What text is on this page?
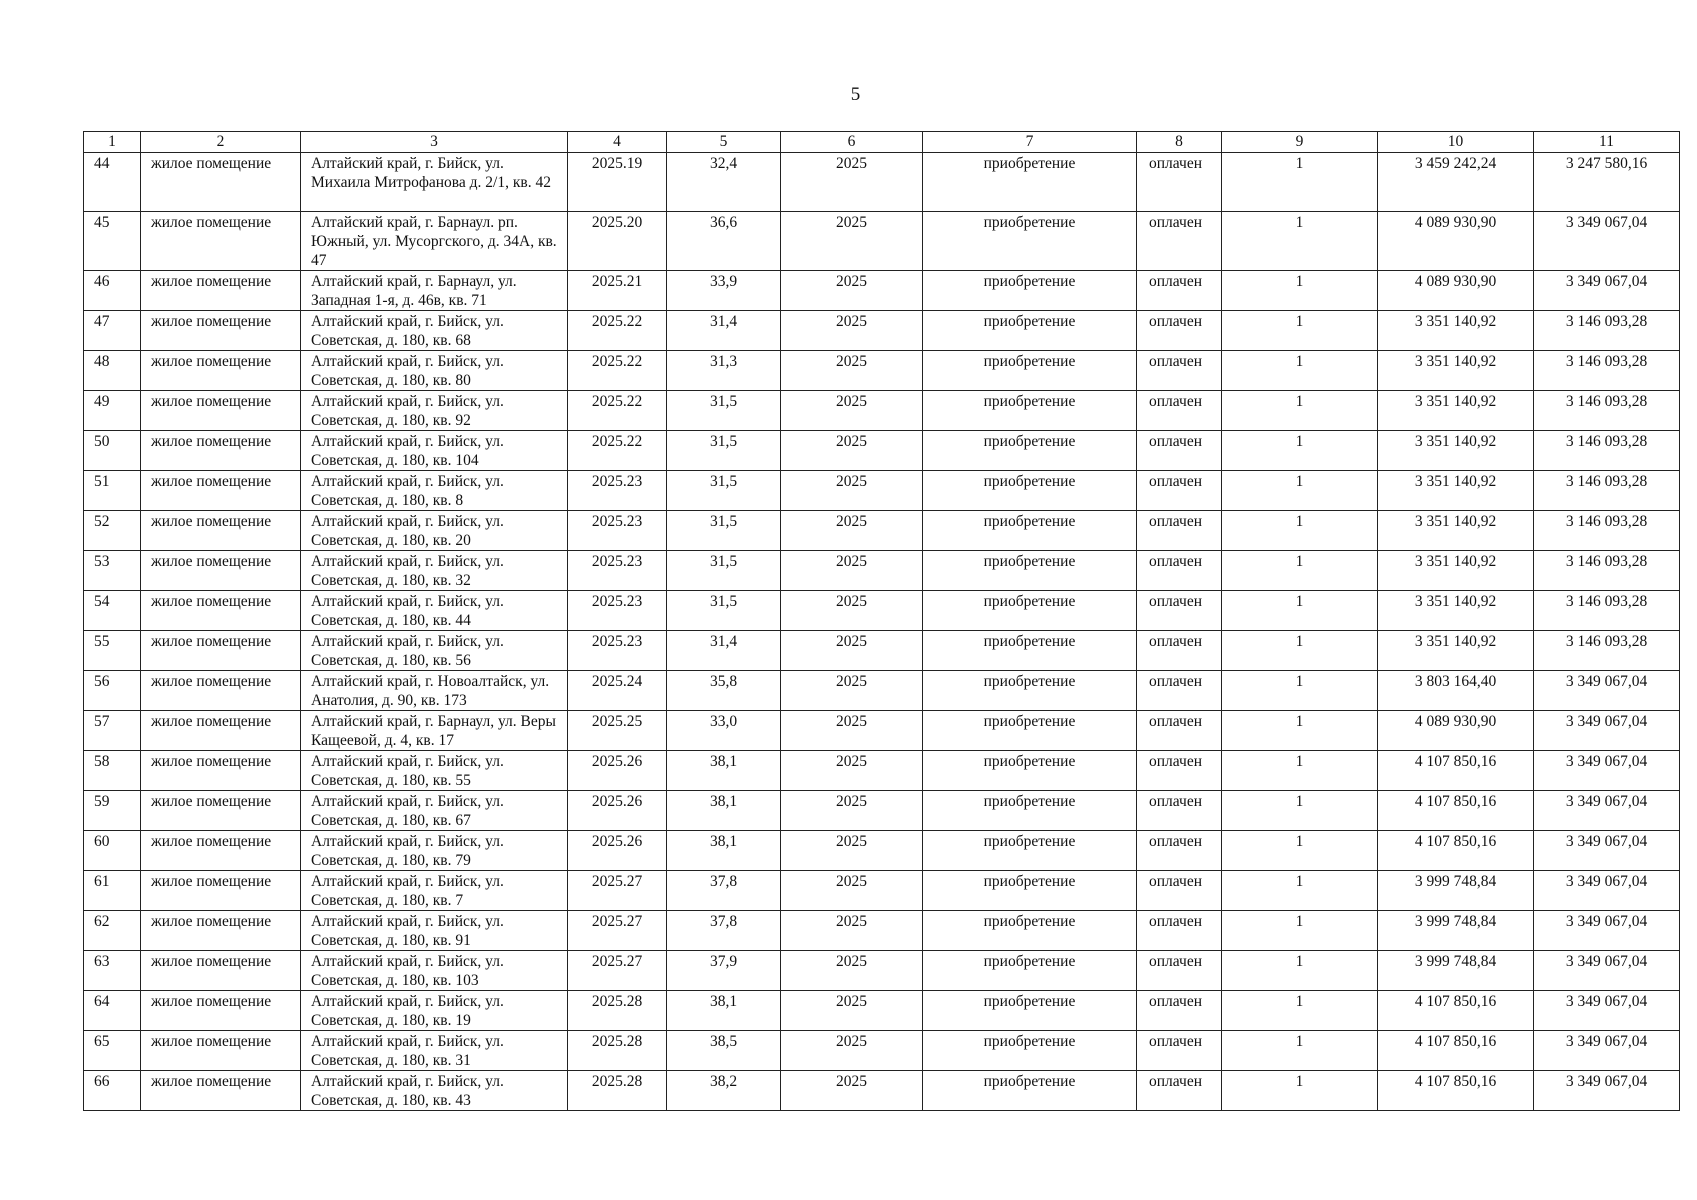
5
1	2	3	4	5	6	7	8	9	10	11
44	жилое помещение	Алтайский край, г. Бийск, ул. Михаила Митрофанова д. 2/1, кв. 42	2025.19	32,4	2025	приобретение	оплачен	1	3 459 242,24	3 247 580,16
45	жилое помещение	Алтайский край, г. Барнаул. рп. Южный, ул. Мусоргского, д. 34А, кв. 47	2025.20	36,6	2025	приобретение	оплачен	1	4 089 930,90	3 349 067,04
46	жилое помещение	Алтайский край, г. Барнаул, ул. Западная 1-я, д. 46в, кв. 71	2025.21	33,9	2025	приобретение	оплачен	1	4 089 930,90	3 349 067,04
47	жилое помещение	Алтайский край, г. Бийск, ул. Советская, д. 180, кв. 68	2025.22	31,4	2025	приобретение	оплачен	1	3 351 140,92	3 146 093,28
48	жилое помещение	Алтайский край, г. Бийск, ул. Советская, д. 180, кв. 80	2025.22	31,3	2025	приобретение	оплачен	1	3 351 140,92	3 146 093,28
49	жилое помещение	Алтайский край, г. Бийск, ул. Советская, д. 180, кв. 92	2025.22	31,5	2025	приобретение	оплачен	1	3 351 140,92	3 146 093,28
50	жилое помещение	Алтайский край, г. Бийск, ул. Советская, д. 180, кв. 104	2025.22	31,5	2025	приобретение	оплачен	1	3 351 140,92	3 146 093,28
51	жилое помещение	Алтайский край, г. Бийск, ул. Советская, д. 180, кв. 8	2025.23	31,5	2025	приобретение	оплачен	1	3 351 140,92	3 146 093,28
52	жилое помещение	Алтайский край, г. Бийск, ул. Советская, д. 180, кв. 20	2025.23	31,5	2025	приобретение	оплачен	1	3 351 140,92	3 146 093,28
53	жилое помещение	Алтайский край, г. Бийск, ул. Советская, д. 180, кв. 32	2025.23	31,5	2025	приобретение	оплачен	1	3 351 140,92	3 146 093,28
54	жилое помещение	Алтайский край, г. Бийск, ул. Советская, д. 180, кв. 44	2025.23	31,5	2025	приобретение	оплачен	1	3 351 140,92	3 146 093,28
55	жилое помещение	Алтайский край, г. Бийск, ул. Советская, д. 180, кв. 56	2025.23	31,4	2025	приобретение	оплачен	1	3 351 140,92	3 146 093,28
56	жилое помещение	Алтайский край, г. Новоалтайск, ул. Анатолия, д. 90, кв. 173	2025.24	35,8	2025	приобретение	оплачен	1	3 803 164,40	3 349 067,04
57	жилое помещение	Алтайский край, г. Барнаул, ул. Веры Кащеевой, д. 4, кв. 17	2025.25	33,0	2025	приобретение	оплачен	1	4 089 930,90	3 349 067,04
58	жилое помещение	Алтайский край, г. Бийск, ул. Советская, д. 180, кв. 55	2025.26	38,1	2025	приобретение	оплачен	1	4 107 850,16	3 349 067,04
59	жилое помещение	Алтайский край, г. Бийск, ул. Советская, д. 180, кв. 67	2025.26	38,1	2025	приобретение	оплачен	1	4 107 850,16	3 349 067,04
60	жилое помещение	Алтайский край, г. Бийск, ул. Советская, д. 180, кв. 79	2025.26	38,1	2025	приобретение	оплачен	1	4 107 850,16	3 349 067,04
61	жилое помещение	Алтайский край, г. Бийск, ул. Советская, д. 180, кв. 7	2025.27	37,8	2025	приобретение	оплачен	1	3 999 748,84	3 349 067,04
62	жилое помещение	Алтайский край, г. Бийск, ул. Советская, д. 180, кв. 91	2025.27	37,8	2025	приобретение	оплачен	1	3 999 748,84	3 349 067,04
63	жилое помещение	Алтайский край, г. Бийск, ул. Советская, д. 180, кв. 103	2025.27	37,9	2025	приобретение	оплачен	1	3 999 748,84	3 349 067,04
64	жилое помещение	Алтайский край, г. Бийск, ул. Советская, д. 180, кв. 19	2025.28	38,1	2025	приобретение	оплачен	1	4 107 850,16	3 349 067,04
65	жилое помещение	Алтайский край, г. Бийск, ул. Советская, д. 180, кв. 31	2025.28	38,5	2025	приобретение	оплачен	1	4 107 850,16	3 349 067,04
66	жилое помещение	Алтайский край, г. Бийск, ул. Советская, д. 180, кв. 43	2025.28	38,2	2025	приобретение	оплачен	1	4 107 850,16	3 349 067,04
